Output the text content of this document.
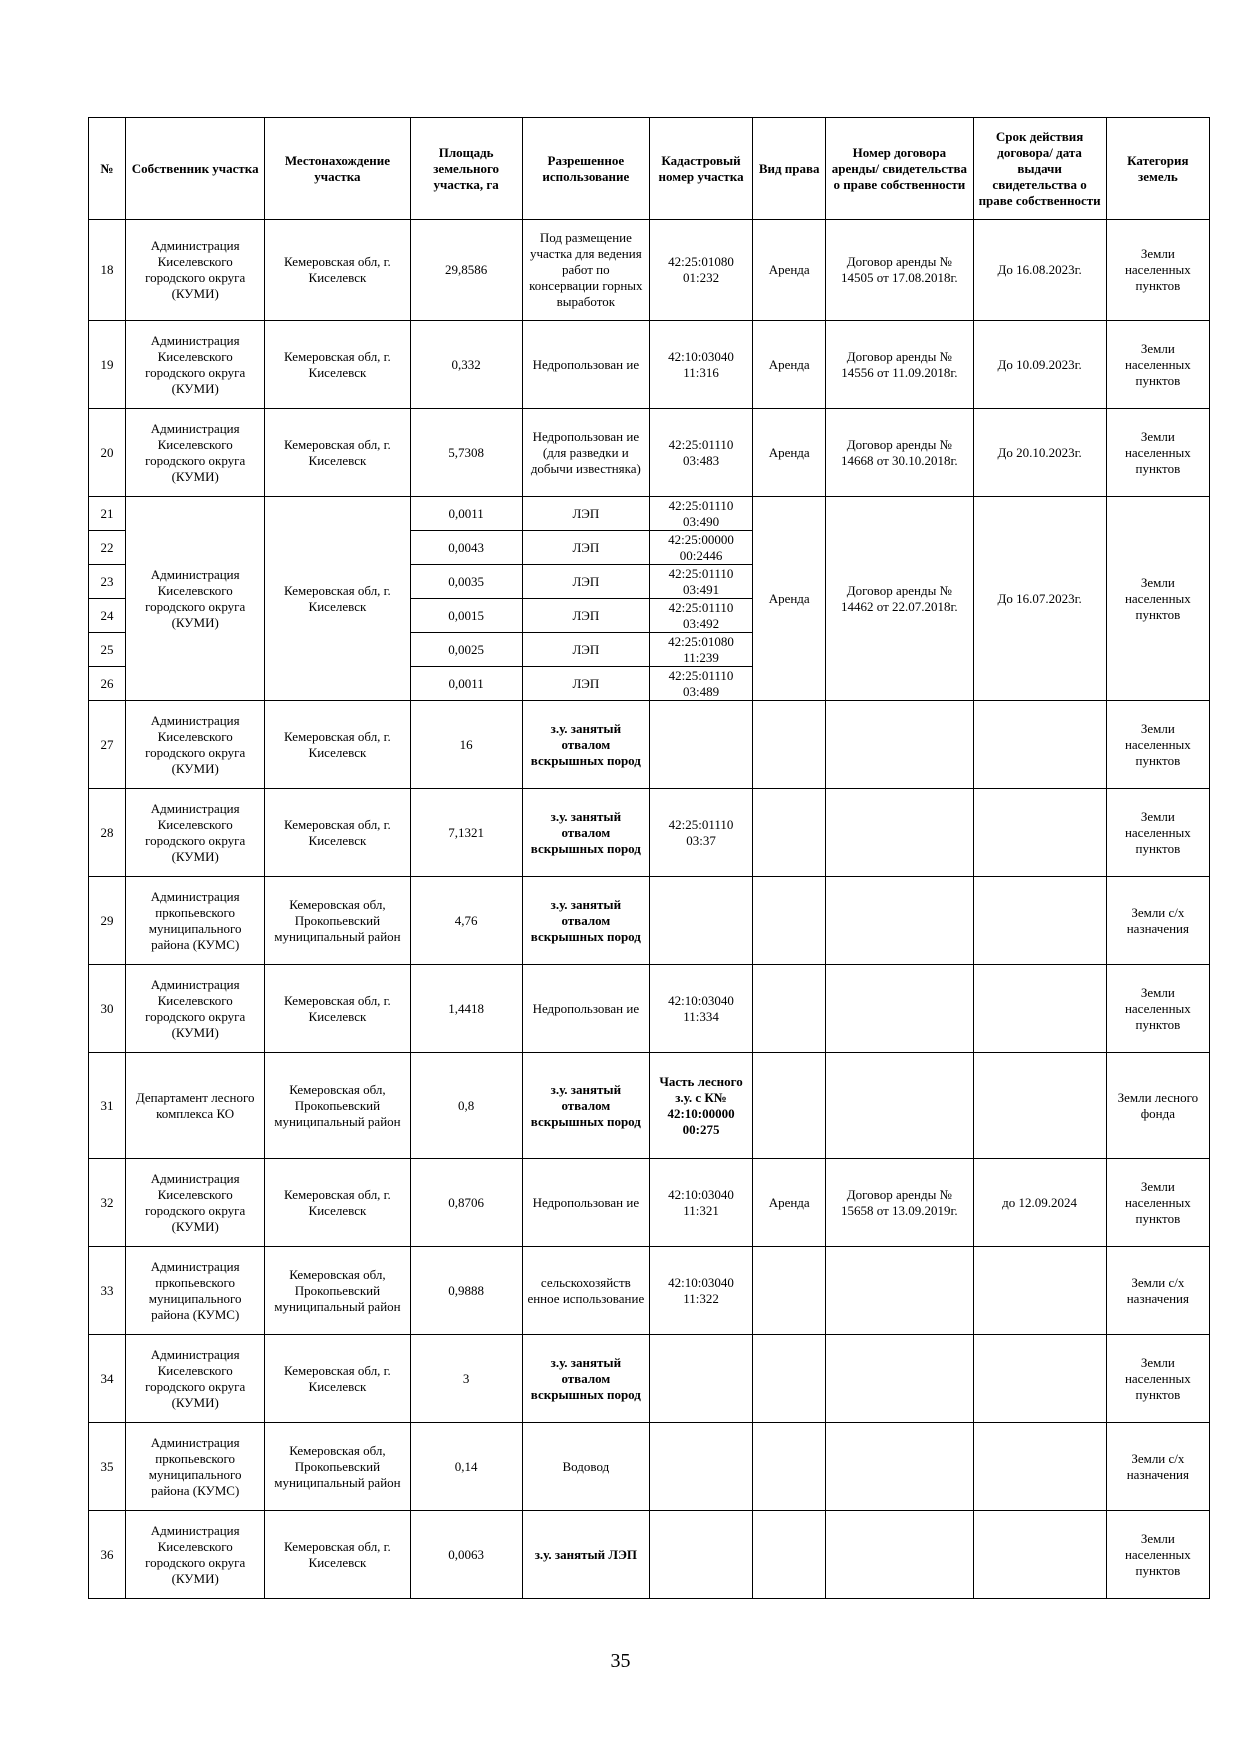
№	Собственник участка	Местонахождение участка	Площадь земельного участка, га	Разрешенное использование	Кадастровый номер участка	Вид права	Номер договора аренды/ свидетельства о праве собственности	Срок действия договора/ дата выдачи свидетельства о праве собственности	Категория земель
18	Администрация Киселевского городского округа (КУМИ)	Кемеровская обл, г. Киселевск	29,8586	Под размещение участка для ведения работ по консервации горных выработок	42:25:01080 01:232	Аренда	Договор аренды № 14505 от 17.08.2018г.	До 16.08.2023г.	Земли населенных пунктов
19	Администрация Киселевского городского округа (КУМИ)	Кемеровская обл, г. Киселевск	0,332	Недропользован ие	42:10:03040 11:316	Аренда	Договор аренды № 14556 от 11.09.2018г.	До 10.09.2023г.	Земли населенных пунктов
20	Администрация Киселевского городского округа (КУМИ)	Кемеровская обл, г. Киселевск	5,7308	Недропользован ие (для разведки и добычи известняка)	42:25:01110 03:483	Аренда	Договор аренды № 14668 от 30.10.2018г.	До 20.10.2023г.	Земли населенных пунктов
21	Администрация Киселевского городского округа (КУМИ)	Кемеровская обл, г. Киселевск	0,0011	ЛЭП	42:25:01110 03:490	Аренда	Договор аренды № 14462 от 22.07.2018г.	До 16.07.2023г.	Земли населенных пунктов
22			0,0043	ЛЭП	42:25:00000 00:2446				
23			0,0035	ЛЭП	42:25:01110 03:491				
24			0,0015	ЛЭП	42:25:01110 03:492				
25			0,0025	ЛЭП	42:25:01080 11:239				
26			0,0011	ЛЭП	42:25:01110 03:489				
27	Администрация Киселевского городского округа (КУМИ)	Кемеровская обл, г. Киселевск	16	з.у. занятый отвалом вскрышных пород					Земли населенных пунктов
28	Администрация Киселевского городского округа (КУМИ)	Кемеровская обл, г. Киселевск	7,1321	з.у. занятый отвалом вскрышных пород	42:25:01110 03:37				Земли населенных пунктов
29	Администрация пркопьевского муниципального района (КУМС)	Кемеровская обл, Прокопьевский муниципальный район	4,76	з.у. занятый отвалом вскрышных пород					Земли с/х назначения
30	Администрация Киселевского городского округа (КУМИ)	Кемеровская обл, г. Киселевск	1,4418	Недропользован ие	42:10:03040 11:334				Земли населенных пунктов
31	Департамент лесного комплекса КО	Кемеровская обл, Прокопьевский муниципальный район	0,8	з.у. занятый отвалом вскрышных пород	Часть лесного з.у. с К№ 42:10:00000 00:275				Земли лесного фонда
32	Администрация Киселевского городского округа (КУМИ)	Кемеровская обл, г. Киселевск	0,8706	Недропользован ие	42:10:03040 11:321	Аренда	Договор аренды № 15658 от 13.09.2019г.	до 12.09.2024	Земли населенных пунктов
33	Администрация пркопьевского муниципального района (КУМС)	Кемеровская обл, Прокопьевский муниципальный район	0,9888	сельскохозяйств енное использование	42:10:03040 11:322				Земли с/х назначения
34	Администрация Киселевского городского округа (КУМИ)	Кемеровская обл, г. Киселевск	3	з.у. занятый отвалом вскрышных пород					Земли населенных пунктов
35	Администрация пркопьевского муниципального района (КУМС)	Кемеровская обл, Прокопьевский муниципальный район	0,14	Водовод					Земли с/х назначения
36	Администрация Киселевского городского округа (КУМИ)	Кемеровская обл, г. Киселевск	0,0063	з.у. занятый ЛЭП					Земли населенных пунктов
35
